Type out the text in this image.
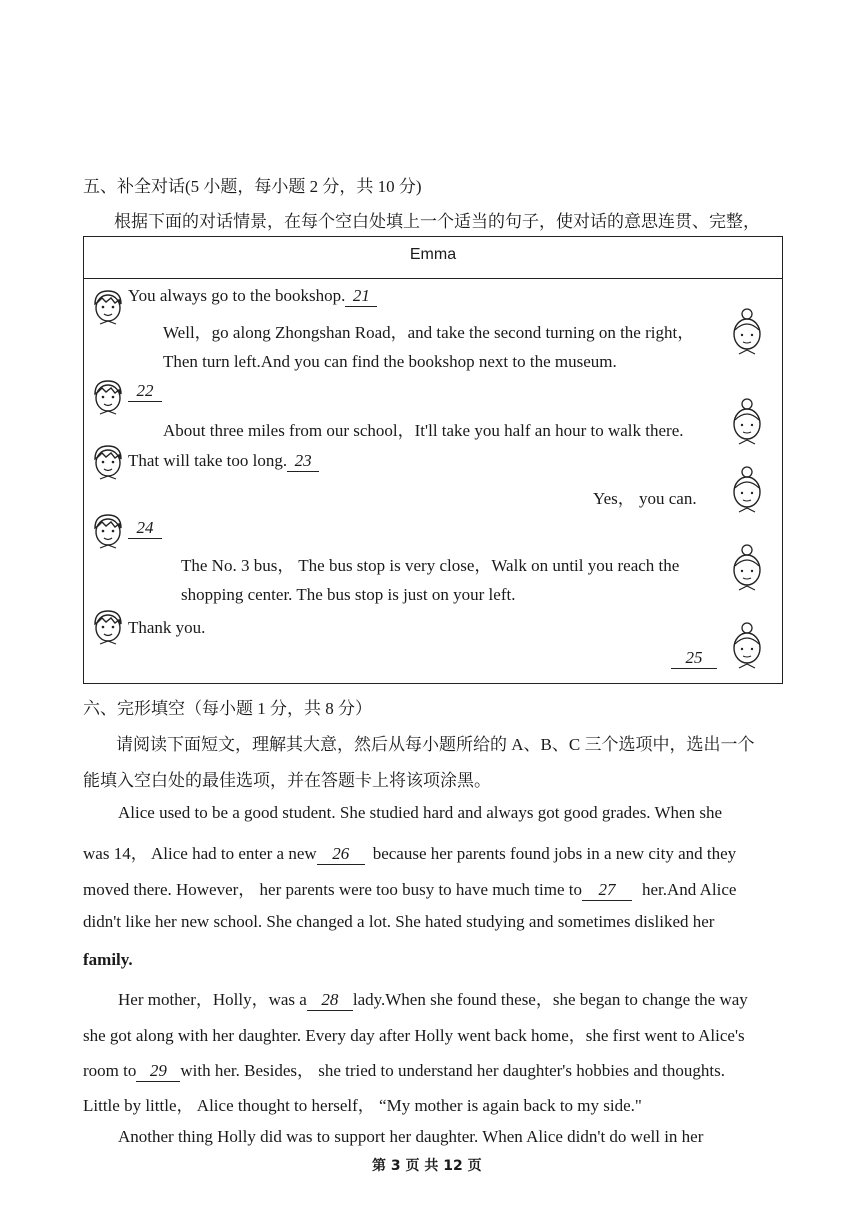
五、补全对话(5 小题，每小题 2 分，共 10 分)
根据下面的对话情景，在每个空白处填上一个适当的句子，使对话的意思连贯、完整，
Emma
You always go to the bookshop. 21
Well，go along Zhongshan Road，and take the second turning on the right，
Then turn left.And you can find the bookshop next to the museum.
22
About three miles from our school，It'll take you half an hour to walk there.
That will take too long. 23
Yes， you can.
24
The No. 3 bus， The bus stop is very close，Walk on until you reach the
shopping center. The bus stop is just on your left.
Thank you.
25
六、完形填空（每小题 1 分，共 8 分）
请阅读下面短文，理解其大意，然后从每小题所给的 A、B、C 三个选项中，选出一个
能填入空白处的最佳选项，并在答题卡上将该项涂黑。
Alice used to be a good student. She studied hard and always got good grades. When she
was 14， Alice had to enter a new 26 because her parents found jobs in a new city and they
moved there. However， her parents were too busy to have much time to 27 her.And Alice
didn't like her new school. She changed a lot. She hated studying and sometimes disliked her
family.
Her mother，Holly，was a 28 lady.When she found these，she began to change the way
she got along with her daughter. Every day after Holly went back home，she first went to Alice's
room to 29 with her. Besides， she tried to understand her daughter's hobbies and thoughts.
Little by little， Alice thought to herself， “My mother is again back to my side."
Another thing Holly did was to support her daughter. When Alice didn't do well in her
第 3 页 共 12 页
